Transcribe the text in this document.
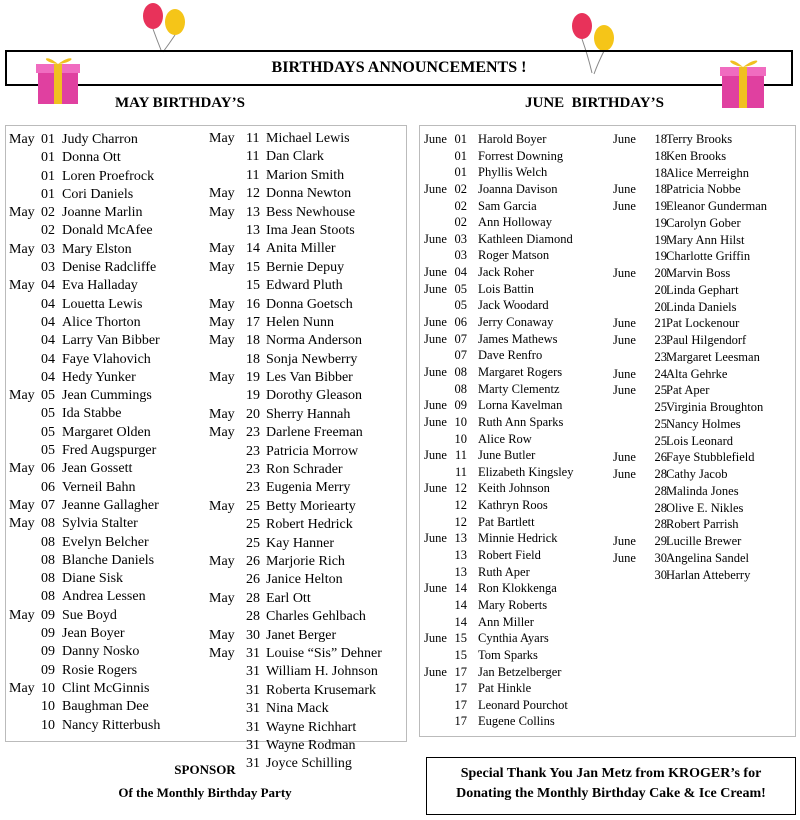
BIRTHDAYS ANNOUNCEMENTS !
MAY BIRTHDAY’S	JUNE  BIRTHDAY’S
May 01 Judy Charron
01 Donna Ott
01 Loren Proefrock
01 Cori Daniels
May 02 Joanne Marlin
02 Donald McAfee
May 03 Mary Elston
03 Denise Radcliffe
May 04 Eva Halladay
04 Louetta Lewis
04 Alice Thorton
04 Larry Van Bibber
04 Faye Vlahovich
04 Hedy Yunker
May 05 Jean Cummings
05 Ida Stabbe
05 Margaret Olden
05 Fred Augspurger
May 06 Jean Gossett
06 Verneil Bahn
May 07 Jeanne Gallagher
May 08 Sylvia Stalter
08 Evelyn Belcher
08 Blanche Daniels
08 Diane Sisk
08 Andrea Lessen
May 09 Sue Boyd
09 Jean Boyer
09 Danny Nosko
09 Rosie Rogers
May 10 Clint McGinnis
10 Baughman Dee
10 Nancy Ritterbush
May 11 Michael Lewis
11 Dan Clark
11 Marion Smith
May 12 Donna Newton
May 13 Bess Newhouse
13 Ima Jean Stoots
May 14 Anita Miller
May 15 Bernie Depuy
15 Edward Pluth
May 16 Donna Goetsch
May 17 Helen Nunn
May 18 Norma Anderson
18 Sonja Newberry
May 19 Les Van Bibber
19 Dorothy Gleason
May 20 Sherry Hannah
May 23 Darlene Freeman
23 Patricia Morrow
23 Ron Schrader
23 Eugenia Merry
May 25 Betty Moriearty
25 Robert Hedrick
25 Kay Hanner
May 26 Marjorie Rich
26 Janice Helton
May 28 Earl Ott
28 Charles Gehlbach
May 30 Janet Berger
May 31 Louise “Sis” Dehner
31 William H. Johnson
31 Roberta Krusemark
31 Nina Mack
31 Wayne Richhart
31 Wayne Rodman
31 Joyce Schilling
June 01 Harold Boyer
01 Forrest Downing
01 Phyllis Welch
June 02 Joanna Davison
02 Sam Garcia
02 Ann Holloway
June 03 Kathleen Diamond
03 Roger Matson
June 04 Jack Roher
June 05 Lois Battin
05 Jack Woodard
June 06 Jerry Conaway
June 07 James Mathews
07 Dave Renfro
June 08 Margaret Rogers
08 Marty Clementz
June 09 Lorna Kavelman
June 10 Ruth Ann Sparks
10 Alice Row
June 11 June Butler
11 Elizabeth Kingsley
June 12 Keith Johnson
12 Kathryn Roos
12 Pat Bartlett
June 13 Minnie Hedrick
13 Robert Field
13 Ruth Aper
June 14 Ron Klokkenga
14 Mary Roberts
14 Ann Miller
June 15 Cynthia Ayars
15 Tom Sparks
June 17 Jan Betzelberger
17 Pat Hinkle
17 Leonard Pourchot
17 Eugene Collins
June 18 Terry Brooks
18 Ken Brooks
18 Alice Merreighn
June 18 Patricia Nobbe
June 19 Eleanor Gunderman
19 Carolyn Gober
19 Mary Ann Hilst
19 Charlotte Griffin
June 20 Marvin Boss
20 Linda Gephart
20 Linda Daniels
June 21 Pat Lockenour
June 23 Paul Hilgendorf
23 Margaret Leesman
June 24 Alta Gehrke
June 25 Pat Aper
25 Virginia Broughton
25 Nancy Holmes
25 Lois Leonard
June 26 Faye Stubblefield
June 28 Cathy Jacob
28 Malinda Jones
28 Olive E. Nikles
28 Robert Parrish
June 29 Lucille Brewer
June 30 Angelina Sandel
30 Harlan Atteberry
SPONSOR
Of the Monthly Birthday Party
Special Thank You Jan Metz from KROGER’s for
Donating the Monthly Birthday Cake & Ice Cream!
